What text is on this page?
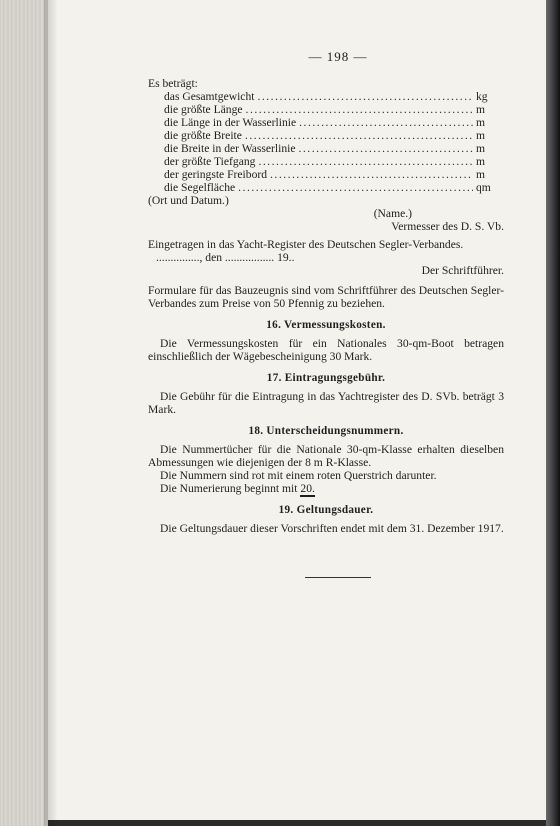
— 198 —
Es beträgt:
das Gesamtgewicht .....	kg
die größte Länge .....	m
die Länge in der Wasserlinie .....	m
die größte Breite .....	m
die Breite in der Wasserlinie .....	m
der größte Tiefgang .....	m
der geringste Freibord .....	m
die Segelfläche .....	qm
(Ort und Datum.)
(Name.)
Vermesser des D. S. Vb.
Eingetragen in das Yacht-Register des Deutschen Segler-Verbandes.
..............., den ................. 19..
Der Schriftführer.
Formulare für das Bauzeugnis sind vom Schriftführer des Deutschen Segler-Verbandes zum Preise von 50 Pfennig zu beziehen.
16. Vermessungskosten.
Die Vermessungskosten für ein Nationales 30-qm-Boot betragen einschließlich der Wägebescheinigung 30 Mark.
17. Eintragungsgebühr.
Die Gebühr für die Eintragung in das Yachtregister des D. SVb. beträgt 3 Mark.
18. Unterscheidungsnummern.
Die Nummertücher für die Nationale 30-qm-Klasse erhalten dieselben Abmessungen wie diejenigen der 8 m R-Klasse.
Die Nummern sind rot mit einem roten Querstrich darunter.
Die Numerierung beginnt mit 20.
19. Geltungsdauer.
Die Geltungsdauer dieser Vorschriften endet mit dem 31. Dezember 1917.
